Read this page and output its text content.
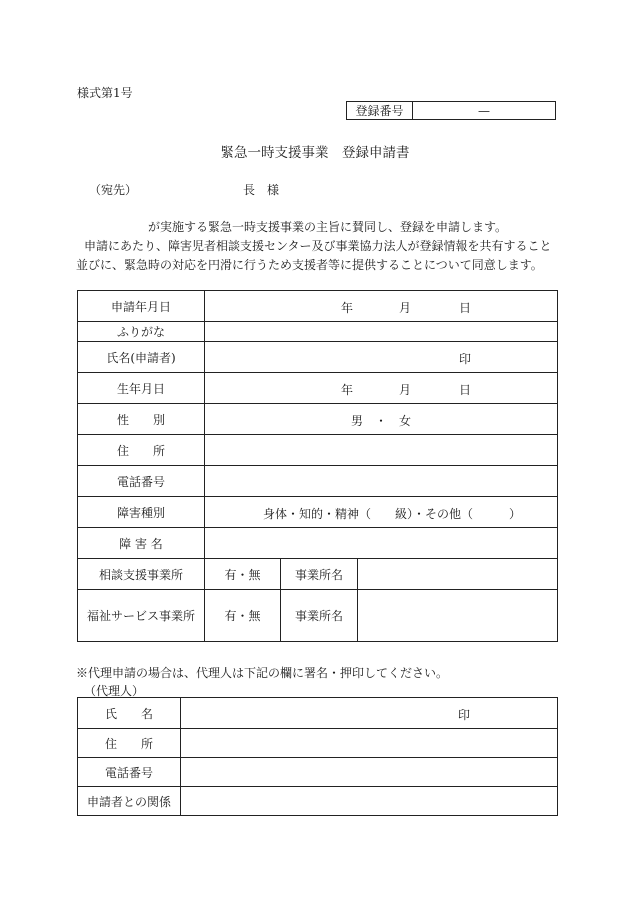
様式第1号
登録番号	—
緊急一時支援事業　登録申請書
（宛先）	長　様
が実施する緊急一時支援事業の主旨に賛同し、登録を申請します。
申請にあたり、障害児者相談支援センター及び事業協力法人が登録情報を共有すること
並びに、緊急時の対応を円滑に行うため支援者等に提供することについて同意します。
申請年月日	年 月 日		

ふりがな			
氏名(申請者)	印		

生年月日	年 月 日		

性　　別	男　・　女		

住　　所			
電話番号			
障害種別	身体・知的・精神（　　級）・その他（　　　）		

障 害 名			
相談支援事業所	有・無	事業所名	
福祉サービス事業所	有・無	事業所名	
※代理申請の場合は、代理人は下記の欄に署名・押印してください。
（代理人）
氏　　名	印

住　　所	
電話番号	
申請者との関係	
